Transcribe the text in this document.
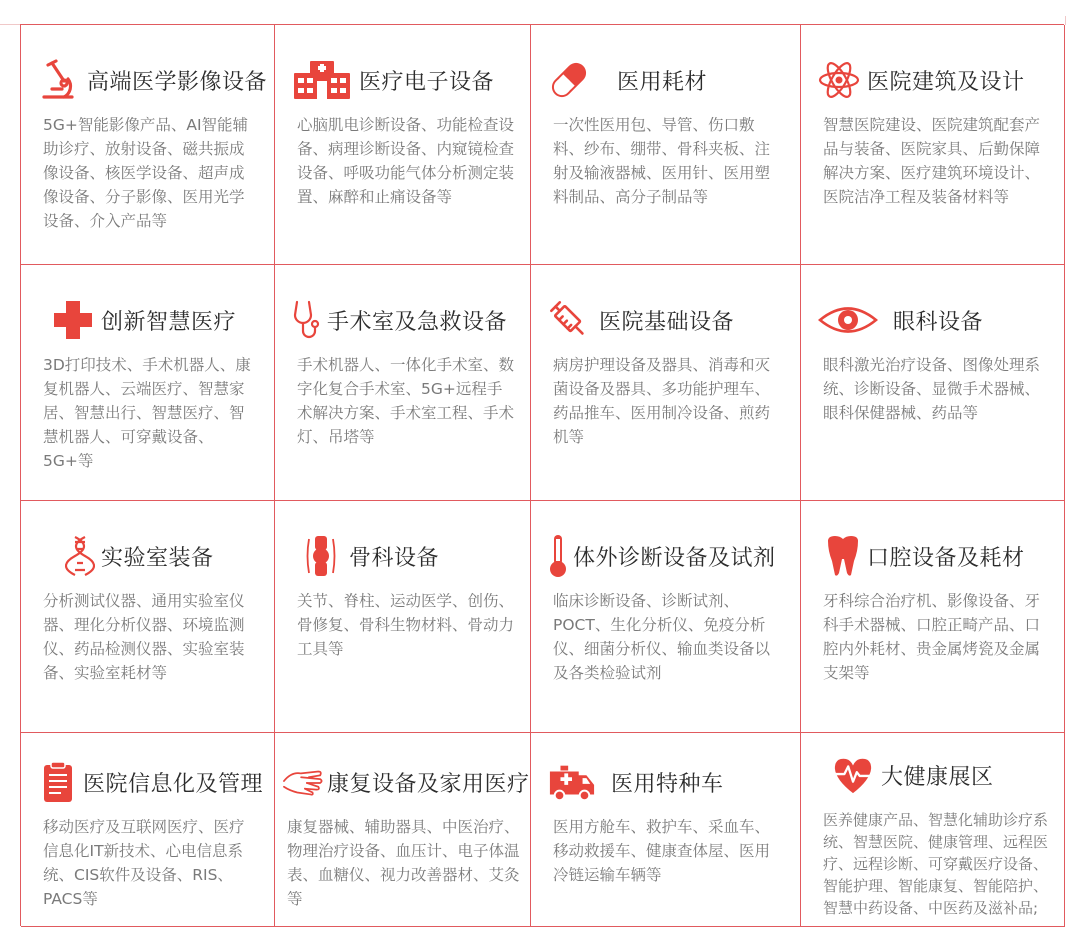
高端医学影像设备

5G+智能影像产品、AI智能辅助诊疗、放射设备、磁共振成像设备、核医学设备、超声成像设备、分子影像、医用光学设备、介入产品等

医疗电子设备

心脑肌电诊断设备、功能检查设备、病理诊断设备、内窥镜检查设备、呼吸功能气体分析测定装置、麻醉和止痛设备等

医用耗材

一次性医用包、导管、伤口敷料、纱布、绷带、骨科夹板、注射及输液器械、医用针、医用塑料制品、高分子制品等

医院建筑及设计

智慧医院建设、医院建筑配套产品与装备、医院家具、后勤保障解决方案、医疗建筑环境设计、医院洁净工程及装备材料等

创新智慧医疗

3D打印技术、手术机器人、康复机器人、云端医疗、智慧家居、智慧出行、智慧医疗、智慧机器人、可穿戴设备、5G+等

手术室及急救设备

手术机器人、一体化手术室、数字化复合手术室、5G+远程手术解决方案、手术室工程、手术灯、吊塔等

医院基础设备

病房护理设备及器具、消毒和灭菌设备及器具、多功能护理车、药品推车、医用制冷设备、煎药机等

眼科设备

眼科激光治疗设备、图像处理系统、诊断设备、显微手术器械、眼科保健器械、药品等

实验室装备

分析测试仪器、通用实验室仪器、理化分析仪器、环境监测仪、药品检测仪器、实验室装备、实验室耗材等

骨科设备

关节、脊柱、运动医学、创伤、骨修复、骨科生物材料、骨动力工具等

体外诊断设备及试剂

临床诊断设备、诊断试剂、POCT、生化分析仪、免疫分析仪、细菌分析仪、输血类设备以及各类检验试剂

口腔设备及耗材

牙科综合治疗机、影像设备、牙科手术器械、口腔正畸产品、口腔内外耗材、贵金属烤瓷及金属支架等

医院信息化及管理

移动医疗及互联网医疗、医疗信息化IT新技术、心电信息系统、CIS软件及设备、RIS、PACS等

康复设备及家用医疗

康复器械、辅助器具、中医治疗、物理治疗设备、血压计、电子体温表、血糖仪、视力改善器材、艾灸等

医用特种车

医用方舱车、救护车、采血车、移动救援车、健康查体屋、医用冷链运输车辆等

大健康展区

医养健康产品、智慧化辅助诊疗系统、智慧医院、健康管理、远程医疗、远程诊断、可穿戴医疗设备、智能护理、智能康复、智能陪护、智慧中药设备、中医药及滋补品;
